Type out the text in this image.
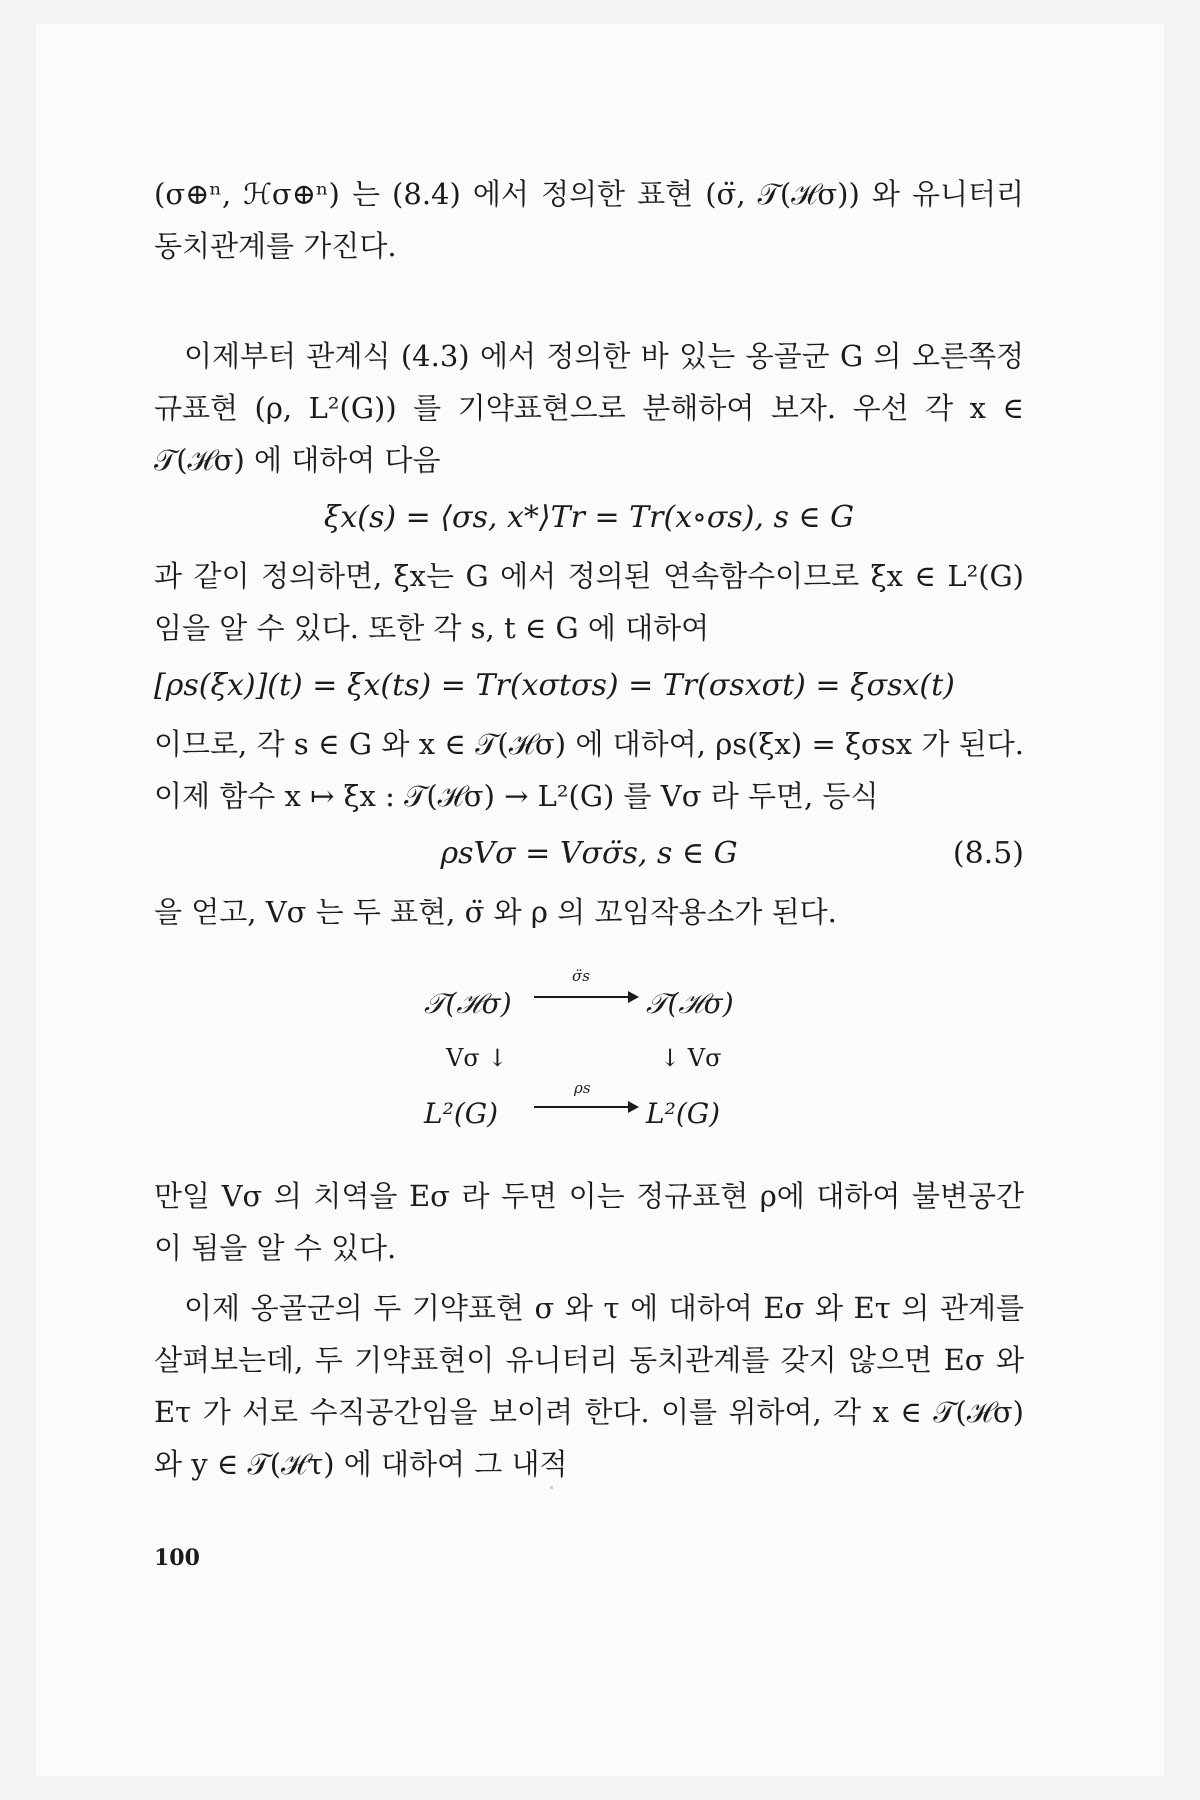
(σ⊕ⁿ, ℋσ⊕ⁿ) 는 (8.4) 에서 정의한 표현 (σ̈, 𝒯(ℋσ)) 와 유니터리 동치관계를 가진다.

이제부터 관계식 (4.3) 에서 정의한 바 있는 옹골군 G 의 오른쪽정규표현 (ρ, L²(G)) 를 기약표현으로 분해하여 보자. 우선 각 x ∈ 𝒯(ℋσ) 에 대하여 다음

ξx(s) = ⟨σs, x*⟩Tr = Tr(x∘σs), s ∈ G

과 같이 정의하면, ξx는 G 에서 정의된 연속함수이므로 ξx ∈ L²(G) 임을 알 수 있다. 또한 각 s, t ∈ G 에 대하여

[ρs(ξx)](t) = ξx(ts) = Tr(xσtσs) = Tr(σsxσt) = ξσsx(t)

이므로, 각 s ∈ G 와 x ∈ 𝒯(ℋσ) 에 대하여, ρs(ξx) = ξσsx 가 된다. 이제 함수 x ↦ ξx : 𝒯(ℋσ) → L²(G) 를 Vσ 라 두면, 등식

ρsVσ = Vσσ̈s, s ∈ G	(8.5)

을 얻고, Vσ 는 두 표현, σ̈ 와 ρ 의 꼬임작용소가 된다.

𝒯(ℋσ)
σ̈s
𝒯(ℋσ)
Vσ ↓	↓ Vσ
L²(G)
ρs
L²(G)

만일 Vσ 의 치역을 Eσ 라 두면 이는 정규표현 ρ에 대하여 불변공간이 됨을 알 수 있다.

이제 옹골군의 두 기약표현 σ 와 τ 에 대하여 Eσ 와 Eτ 의 관계를 살펴보는데, 두 기약표현이 유니터리 동치관계를 갖지 않으면 Eσ 와 Eτ 가 서로 수직공간임을 보이려 한다. 이를 위하여, 각 x ∈ 𝒯(ℋσ) 와 y ∈ 𝒯(ℋτ) 에 대하여 그 내적

100
